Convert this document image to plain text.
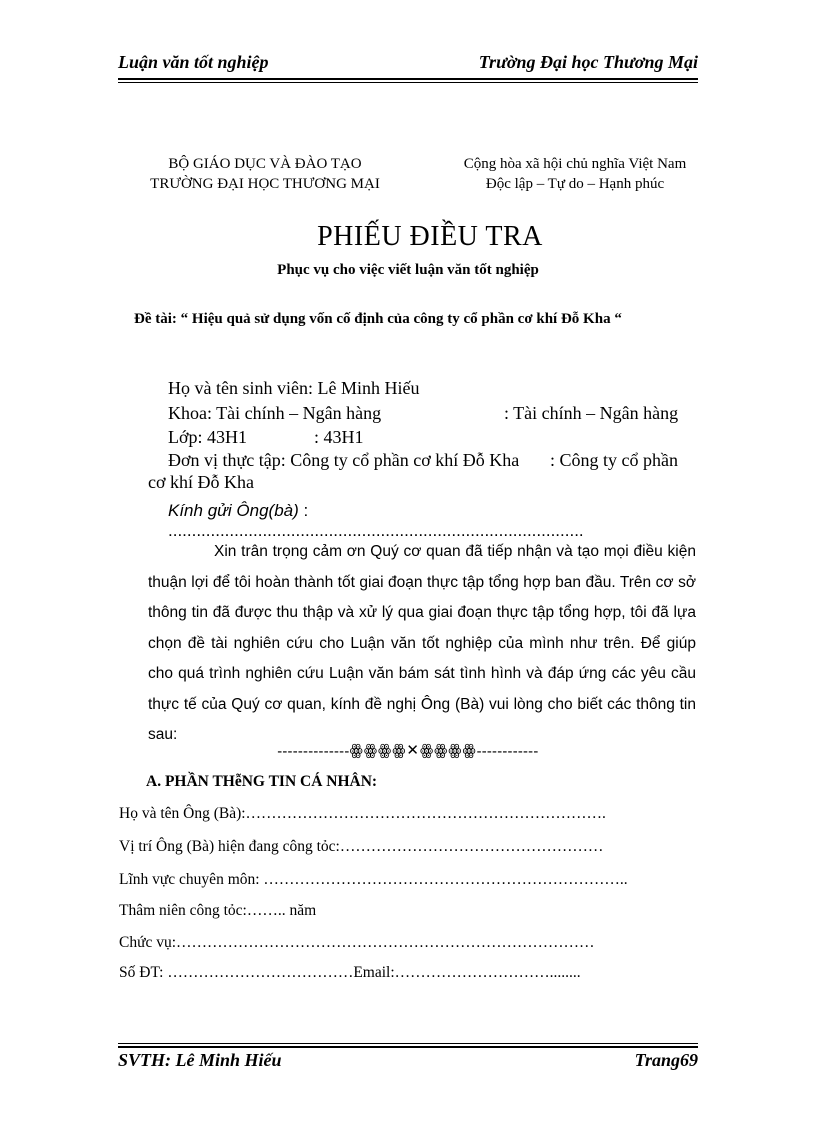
Luận văn tốt nghiệp	Trường Đại học Thương Mại
BỘ GIÁO DỤC VÀ ĐÀO TẠO
TRƯỜNG ĐẠI HỌC THƯƠNG MẠI
Cộng hòa xã hội chủ nghĩa Việt Nam
Độc lập – Tự do – Hạnh phúc
PHIẾU ĐIỀU TRA
Phục vụ cho việc viết luận văn tốt nghiệp
Đề tài: “ Hiệu quả sử dụng vốn cố định của công ty cổ phần cơ khí Đỗ Kha “
Họ và tên sinh viên: Lê Minh Hiếu
Khoa: Tài chính – Ngân hàng	: Tài chính – Ngân hàng
Lớp: 43H1	: 43H1
Đơn vị thực tập: Công ty cổ phần cơ khí Đỗ Kha : Công ty cổ phần
cơ khí Đỗ Kha
Kính gửi Ông(bà) : ........................................................................................

Xin trân trọng cảm ơn Quý cơ quan đã tiếp nhận và tạo mọi điều kiện thuận lợi để tôi hoàn thành tốt giai đoạn thực tập tổng hợp ban đầu. Trên cơ sở thông tin đã được thu thập và xử lý qua giai đoạn thực tập tổng hợp, tôi đã lựa chọn đề tài nghiên cứu cho Luận văn tốt nghiệp của mình như trên. Để giúp cho quá trình nghiên cứu Luận văn bám sát tình hình và đáp ứng các yêu cầu thực tế của Quý cơ quan, kính đề nghị Ông (Bà) vui lòng cho biết các thông tin sau:

--------------ꙮꙮꙮꙮ✕ꙮꙮꙮꙮ------------
A. PHẦN THễNG TIN CÁ NHÂN:
Họ và tên Ông (Bà):…………………………………………………………….
Vị trí Ông (Bà) hiện đang công tỏc:……………………………………………
Lĩnh vực chuyên môn: ……………………………………………………………..
Thâm niên công tỏc:…….. năm
Chức vụ:………………………………………………………………………
Số ĐT: ………………………………Email:…………………………........
SVTH: Lê Minh Hiếu	Trang69
